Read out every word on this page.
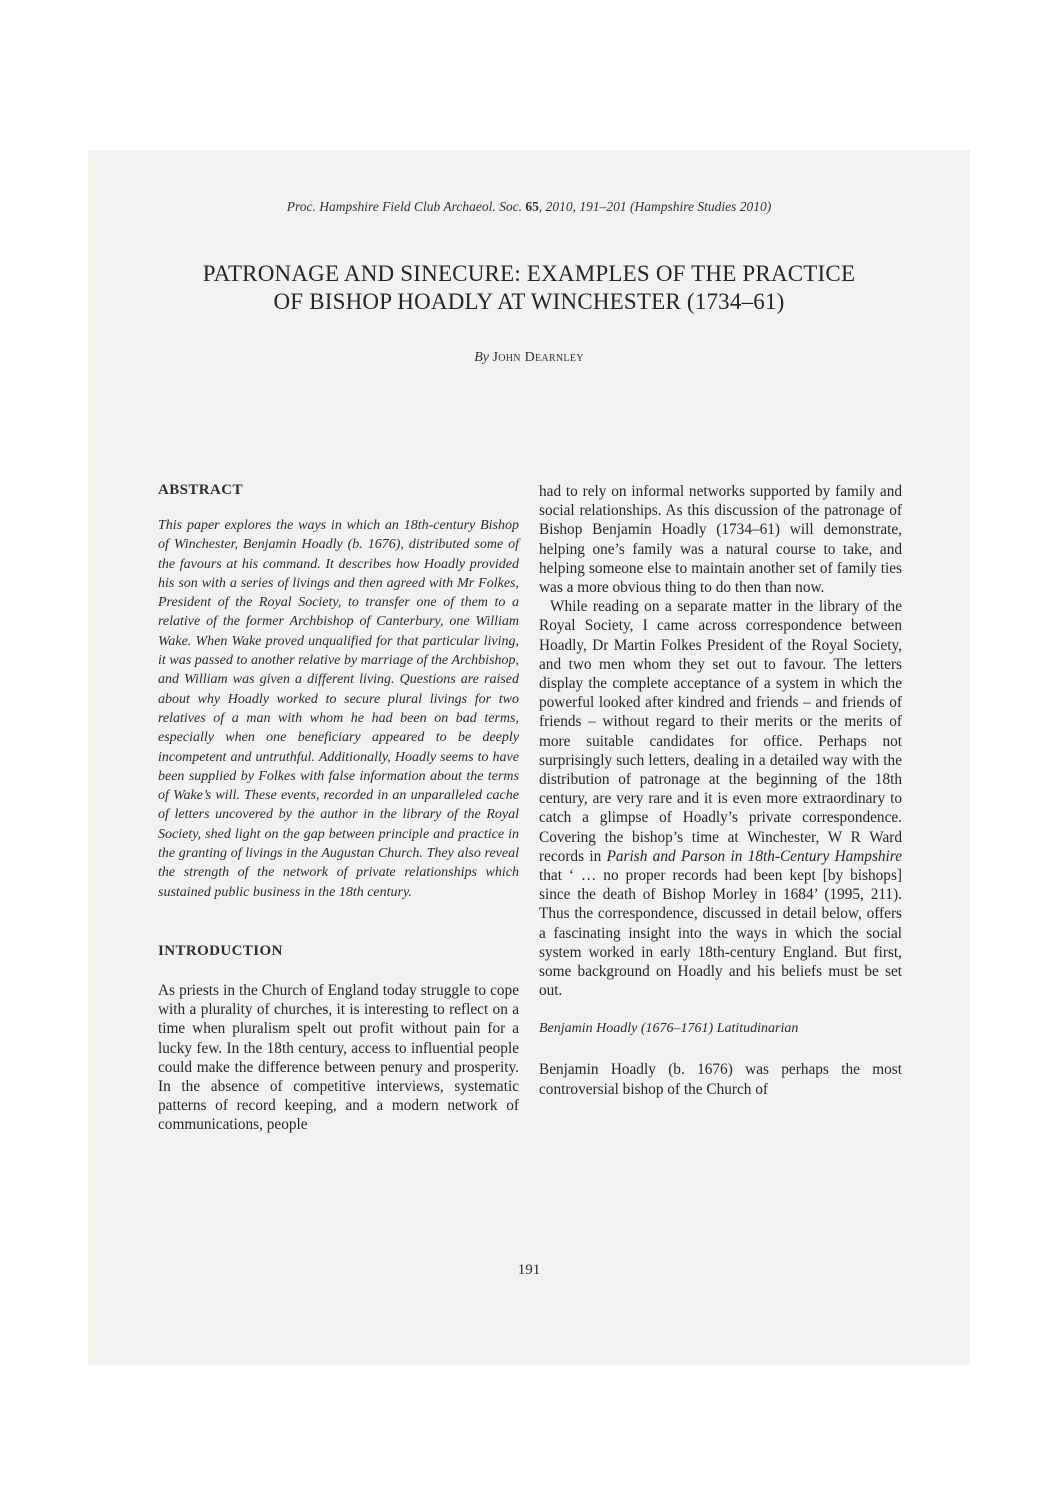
Proc. Hampshire Field Club Archaeol. Soc. 65, 2010, 191–201 (Hampshire Studies 2010)
PATRONAGE AND SINECURE: EXAMPLES OF THE PRACTICE
OF BISHOP HOADLY AT WINCHESTER (1734–61)
By John Dearnley
ABSTRACT

This paper explores the ways in which an 18th-century Bishop of Winchester, Benjamin Hoadly (b. 1676), distributed some of the favours at his command. It describes how Hoadly provided his son with a series of livings and then agreed with Mr Folkes, President of the Royal Society, to transfer one of them to a relative of the former Archbishop of Canterbury, one William Wake. When Wake proved unqualified for that particular living, it was passed to another relative by marriage of the Archbishop, and William was given a different living. Questions are raised about why Hoadly worked to secure plural livings for two relatives of a man with whom he had been on bad terms, especially when one beneficiary appeared to be deeply incompetent and untruthful. Additionally, Hoadly seems to have been supplied by Folkes with false information about the terms of Wake’s will. These events, recorded in an unparalleled cache of letters uncovered by the author in the library of the Royal Society, shed light on the gap between principle and practice in the granting of livings in the Augustan Church. They also reveal the strength of the network of private relationships which sustained public business in the 18th century.

INTRODUCTION

As priests in the Church of England today struggle to cope with a plurality of churches, it is interesting to reflect on a time when pluralism spelt out profit without pain for a lucky few. In the 18th century, access to influential people could make the difference between penury and prosperity. In the absence of competitive interviews, systematic patterns of record keeping, and a modern network of communications, people

had to rely on informal networks supported by family and social relationships. As this discussion of the patronage of Bishop Benjamin Hoadly (1734–61) will demonstrate, helping one’s family was a natural course to take, and helping someone else to maintain another set of family ties was a more obvious thing to do then than now.

While reading on a separate matter in the library of the Royal Society, I came across correspondence between Hoadly, Dr Martin Folkes President of the Royal Society, and two men whom they set out to favour. The letters display the complete acceptance of a system in which the powerful looked after kindred and friends – and friends of friends – without regard to their merits or the merits of more suitable candidates for office. Perhaps not surprisingly such letters, dealing in a detailed way with the distribution of patronage at the beginning of the 18th century, are very rare and it is even more extraordinary to catch a glimpse of Hoadly’s private correspondence. Covering the bishop’s time at Winchester, W R Ward records in Parish and Parson in 18th-Century Hampshire that ‘ … no proper records had been kept [by bishops] since the death of Bishop Morley in 1684’ (1995, 211). Thus the correspondence, discussed in detail below, offers a fascinating insight into the ways in which the social system worked in early 18th-century England. But first, some background on Hoadly and his beliefs must be set out.

Benjamin Hoadly (1676–1761) Latitudinarian

Benjamin Hoadly (b. 1676) was perhaps the most controversial bishop of the Church of

191
